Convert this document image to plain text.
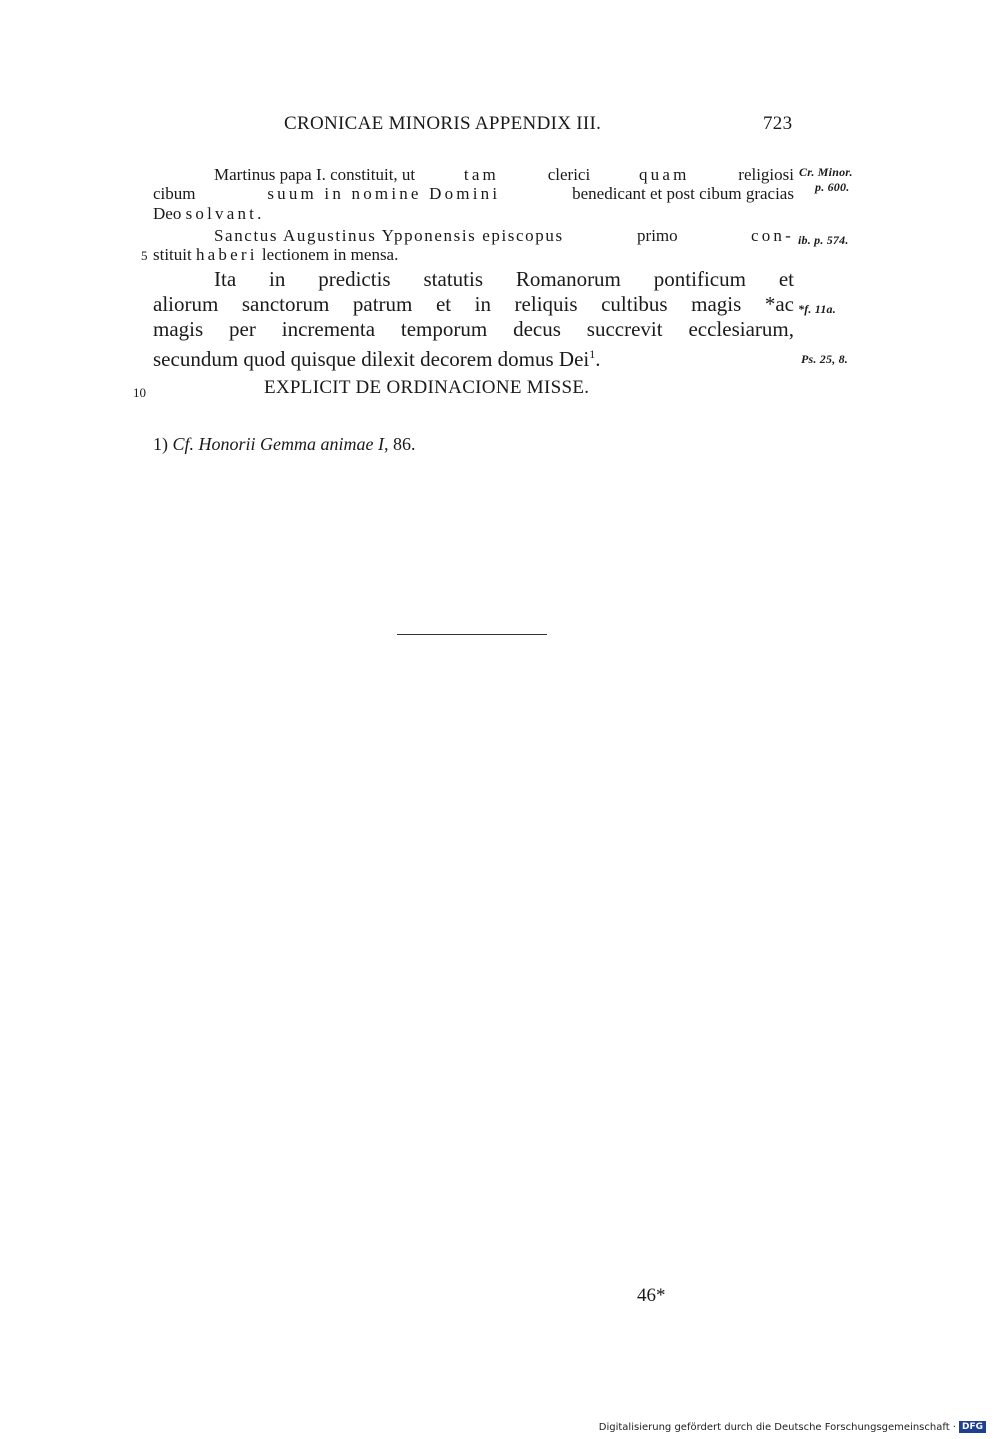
CRONICAE MINORIS APPENDIX III.	723
Martinus papa I. constituit, ut	tam	clerici	quam	religiosi
cibum	suum in nomine Domini	benedicant et post cibum gracias
Deo solvant.
Sanctus Augustinus Ypponensis episcopus	primo	con-
5 stituit haberi lectionem in mensa.
Ita in predictis statutis Romanorum pontificum et
aliorum sanctorum patrum et in reliquis cultibus magis *ac
magis per incrementa temporum decus succrevit ecclesiarum,
secundum quod quisque dilexit decorem domus Dei$^1$.
10	EXPLICIT DE ORDINACIONE MISSE.
Cr. Minor.
p. 600.
ib. p. 574.
*f. 11a.
Ps. 25, 8.
1) Cf. Honorii Gemma animae I, 86.
46*
Digitalisierung gefördert durch die Deutsche Forschungsgemeinschaft · DFG
